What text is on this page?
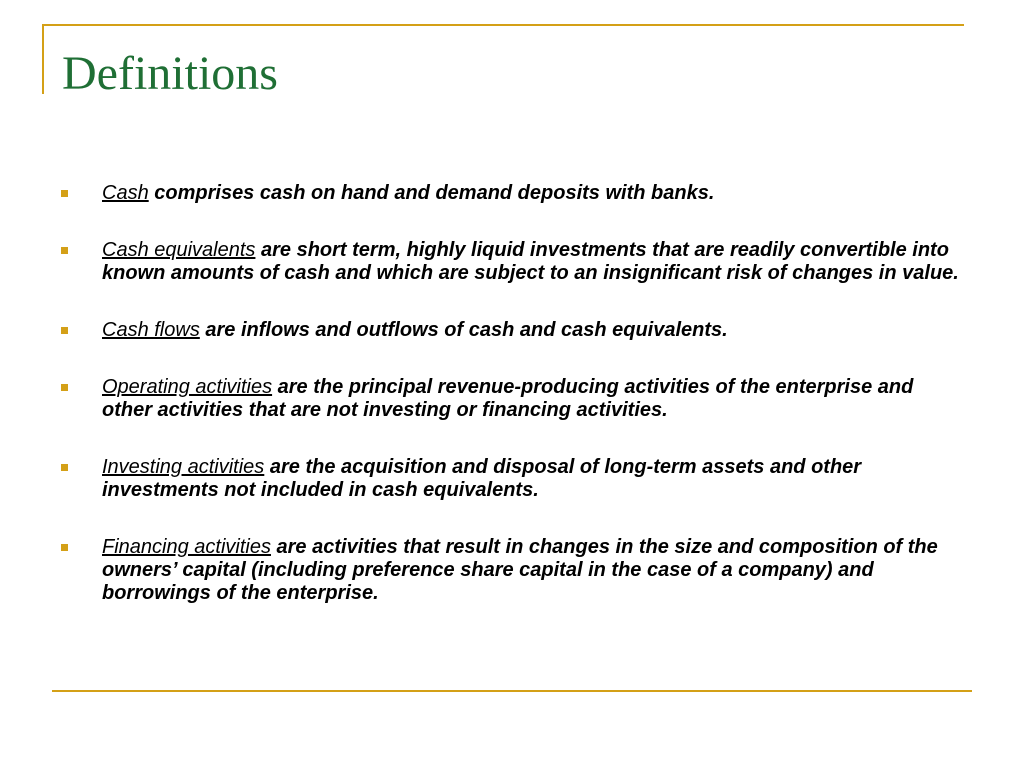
Definitions
Cash comprises cash on hand and demand deposits with banks.
Cash equivalents are short term, highly liquid investments that are readily convertible into known amounts of cash and which are subject to an insignificant risk of changes in value.
Cash flows are inflows and outflows of cash and cash equivalents.
Operating activities are the principal revenue-producing activities of the enterprise and other activities that are not investing or financing activities.
Investing activities are the acquisition and disposal of long-term assets and other investments not included in cash equivalents.
Financing activities are activities that result in changes in the size and composition of the owners’ capital (including preference share capital in the case of a company) and borrowings of the enterprise.
